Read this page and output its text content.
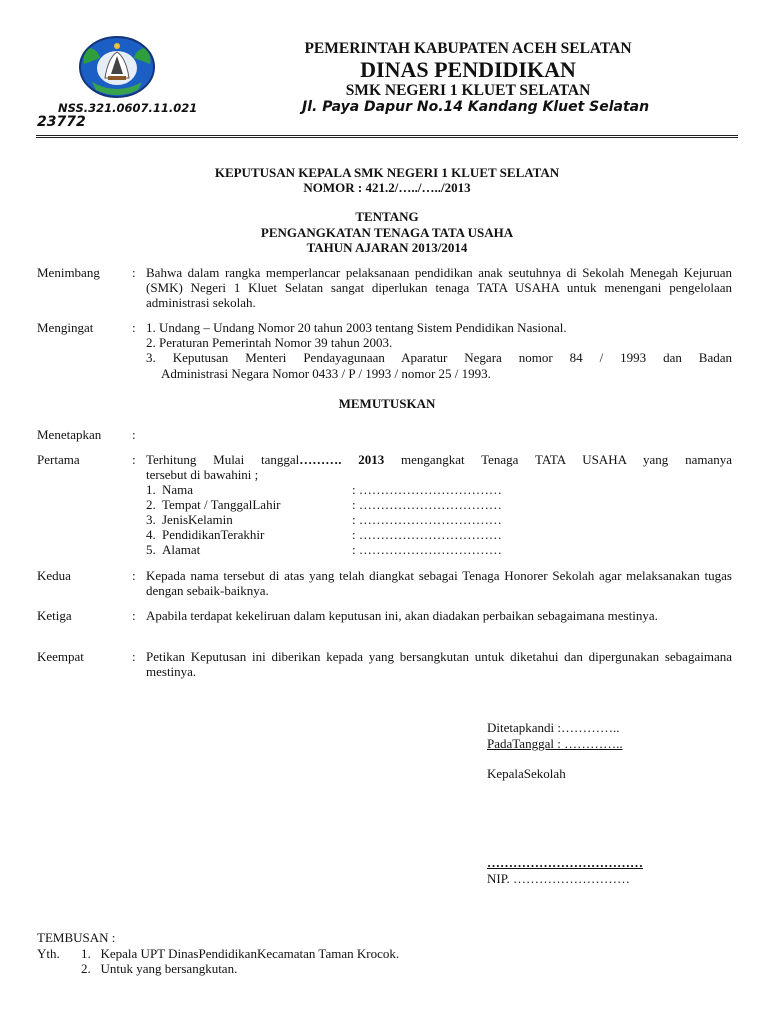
PEMERINTAH KABUPATEN ACEH SELATAN
DINAS PENDIDIKAN
SMK NEGERI 1 KLUET SELATAN
NSS.321.0607.11.021	Jl. Paya Dapur No.14 Kandang Kluet Selatan
23772
KEPUTUSAN KEPALA SMK NEGERI 1 KLUET SELATAN
NOMOR : 421.2/…../…../2013
TENTANG
PENGANGKATAN TENAGA TATA USAHA
TAHUN AJARAN 2013/2014
Menimbang : Bahwa dalam rangka memperlancar pelaksanaan pendidikan anak seutuhnya di Sekolah Menegah Kejuruan (SMK) Negeri 1 Kluet Selatan sangat diperlukan tenaga TATA USAHA untuk menengani pengelolaan administrasi sekolah.
Mengingat	: 1. Undang – Undang Nomor 20 tahun 2003 tentang Sistem Pendidikan Nasional.
2. Peraturan Pemerintah Nomor 39 tahun 2003.
3. Keputusan Menteri Pendayagunaan Aparatur Negara nomor 84 / 1993 dan Badan
Administrasi Negara Nomor 0433 / P / 1993 / nomor 25 / 1993.
MEMUTUSKAN
Menetapkan :
Pertama	: Terhitung Mulai tanggal………. 2013 mengangkat Tenaga TATA USAHA yang namanya
tersebut di bawahini ;
1. Nama	: ……………………………
2. Tempat / TanggalLahir	: ……………………………
3. JenisKelamin	: ……………………………
4. PendidikanTerakhir	: ……………………………
5. Alamat	: ……………………………
Kedua	: Kepada nama tersebut di atas yang telah diangkat sebagai Tenaga Honorer Sekolah agar melaksanakan tugas dengan sebaik-baiknya.
Ketiga	: Apabila terdapat kekeliruan dalam keputusan ini, akan diadakan perbaikan sebagaimana mestinya.
Keempat	: Petikan Keputusan ini diberikan kepada yang bersangkutan untuk diketahui dan dipergunakan sebagaimana mestinya.
Ditetapkandi :…………..
PadaTanggal : …………..
KepalaSekolah
………………………………
NIP. ………………………
TEMBUSAN :
Yth. 1.   Kepala UPT DinasPendidikanKecamatan Taman Krocok.
2.   Untuk yang bersangkutan.
